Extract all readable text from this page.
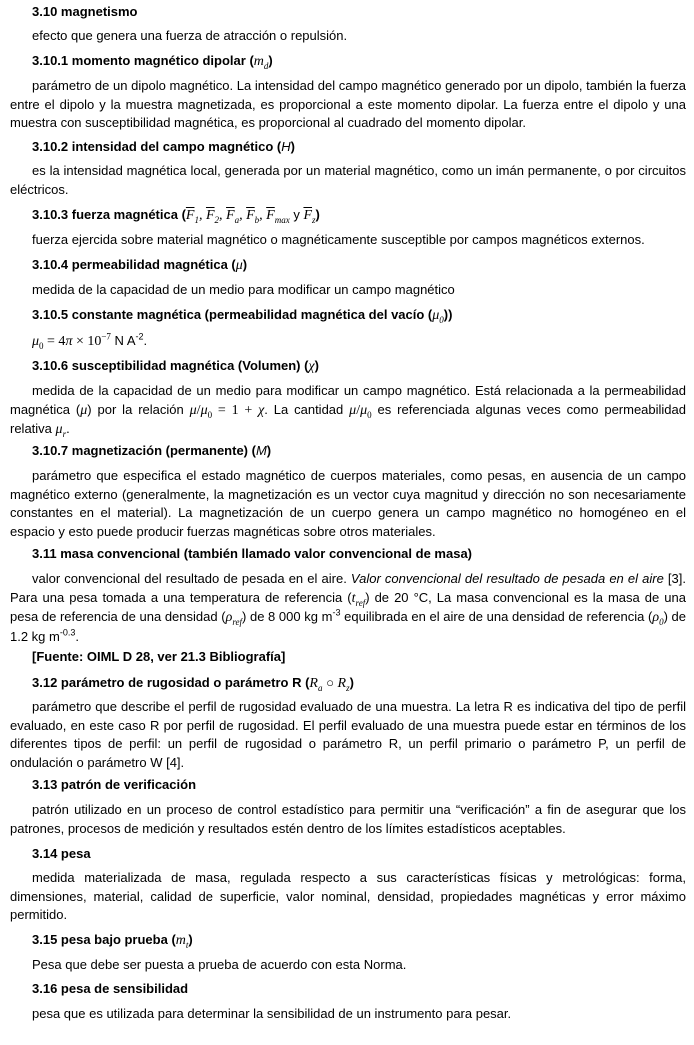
3.10 magnetismo

efecto que genera una fuerza de atracción o repulsión.

3.10.1 momento magnético dipolar $(m_d)$

parámetro de un dipolo magnético. La intensidad del campo magnético generado por un dipolo, también la fuerza entre el dipolo y la muestra magnetizada, es proporcional a este momento dipolar. La fuerza entre el dipolo y una muestra con susceptibilidad magnética, es proporcional al cuadrado del momento dipolar.

3.10.2 intensidad del campo magnético (H)

es la intensidad magnética local, generada por un material magnético, como un imán permanente, o por circuitos eléctricos.

3.10.3 fuerza magnética ($\overline{F}_1$, $\overline{F}_2$, $\overline{F}_a$, $\overline{F}_b$, $\overline{F}_{max}$ y $\overline{F}_z$)

fuerza ejercida sobre material magnético o magnéticamente susceptible por campos magnéticos externos.

3.10.4 permeabilidad magnética (μ)

medida de la capacidad de un medio para modificar un campo magnético

3.10.5 constante magnética (permeabilidad magnética del vacío $(\mu_0)$)

$\mu_0 = 4\pi \times 10^{-7}$ N $A^{-2}$.

3.10.6 susceptibilidad magnética (Volumen) (χ)

medida de la capacidad de un medio para modificar un campo magnético. Está relacionada a la permeabilidad magnética (μ) por la relación $\mu/\mu_0 = 1 + \chi$. La cantidad $\mu/\mu_0$ es referenciada algunas veces como permeabilidad relativa $\mu_r$.

3.10.7 magnetización (permanente) (M)

parámetro que especifica el estado magnético de cuerpos materiales, como pesas, en ausencia de un campo magnético externo (generalmente, la magnetización es un vector cuya magnitud y dirección no son necesariamente constantes en el material). La magnetización de un cuerpo genera un campo magnético no homogéneo en el espacio y esto puede producir fuerzas magnéticas sobre otros materiales.

3.11 masa convencional (también llamado valor convencional de masa)

valor convencional del resultado de pesada en el aire. Valor convencional del resultado de pesada en el aire [3]. Para una pesa tomada a una temperatura de referencia $(t_{ref})$ de 20 °C, La masa convencional es la masa de una pesa de referencia de una densidad $(\rho_{ref})$ de 8 000 kg $m^{-3}$ equilibrada en el aire de una densidad de referencia $(\rho_0)$ de 1.2 kg $m^{-0.3}$.

[Fuente: OIML D 28, ver 21.3 Bibliografía]

3.12 parámetro de rugosidad o parámetro R ($R_a$ ○ $R_z$)

parámetro que describe el perfil de rugosidad evaluado de una muestra. La letra R es indicativa del tipo de perfil evaluado, en este caso R por perfil de rugosidad. El perfil evaluado de una muestra puede estar en términos de los diferentes tipos de perfil: un perfil de rugosidad o parámetro R, un perfil primario o parámetro P, un perfil de ondulación o parámetro W [4].

3.13 patrón de verificación

patrón utilizado en un proceso de control estadístico para permitir una “verificación” a fin de asegurar que los patrones, procesos de medición y resultados estén dentro de los límites estadísticos aceptables.

3.14 pesa

medida materializada de masa, regulada respecto a sus características físicas y metrológicas: forma, dimensiones, material, calidad de superficie, valor nominal, densidad, propiedades magnéticas y error máximo permitido.

3.15 pesa bajo prueba $(m_t)$

Pesa que debe ser puesta a prueba de acuerdo con esta Norma.

3.16 pesa de sensibilidad

pesa que es utilizada para determinar la sensibilidad de un instrumento para pesar.
